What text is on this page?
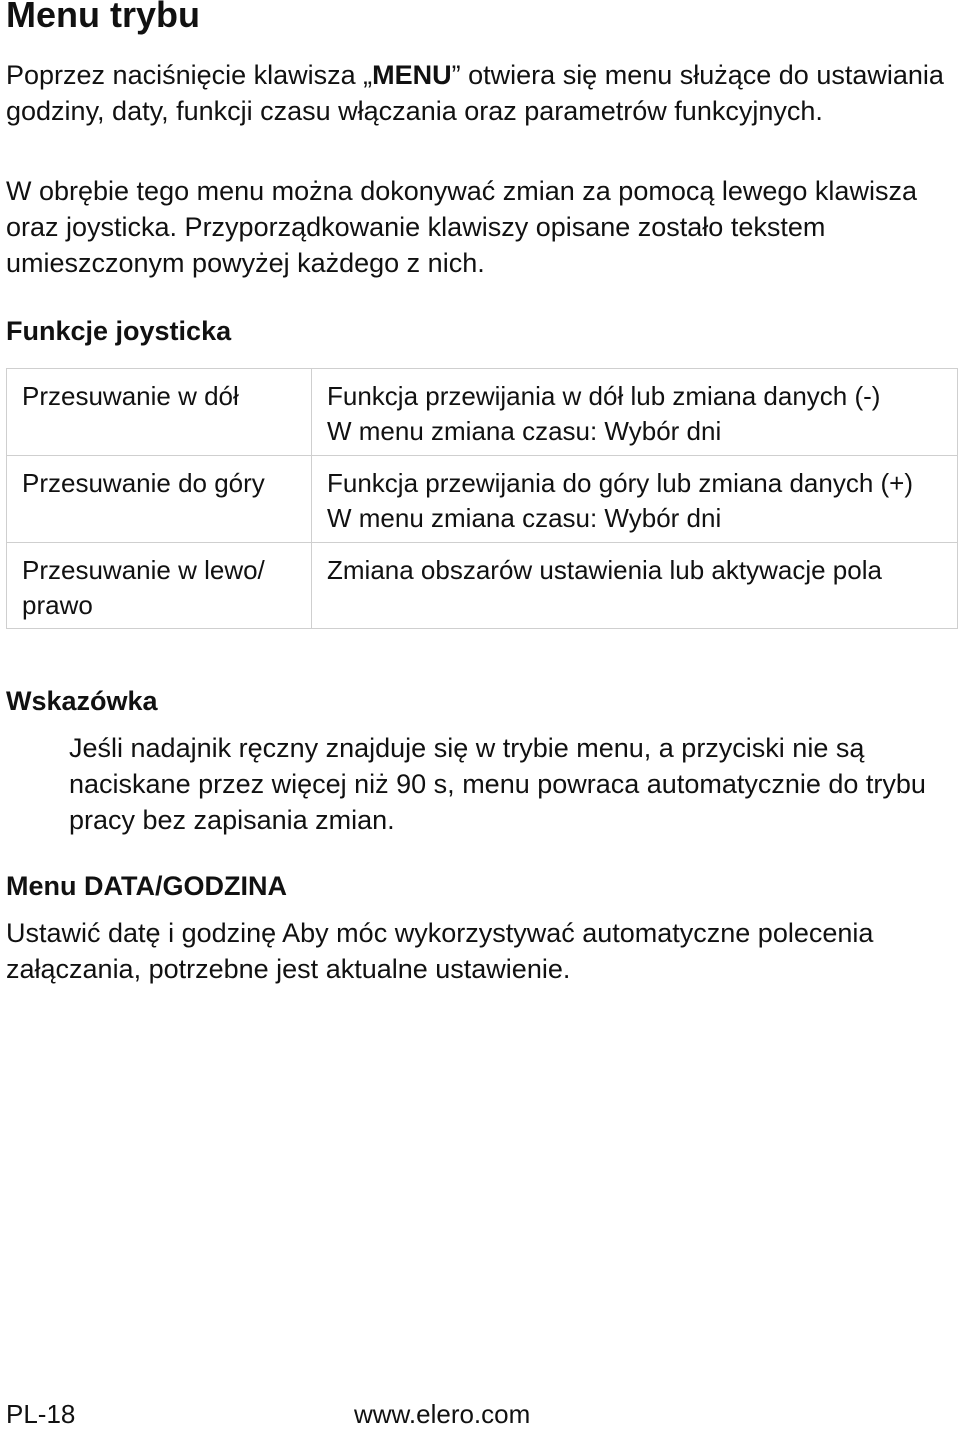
Menu trybu

Poprzez naciśnięcie klawisza „MENU” otwiera się menu służące do ustawiania godziny, daty, funkcji czasu włączania oraz parametrów funkcyjnych.

W obrębie tego menu można dokonywać zmian za pomocą lewego klawisza oraz joysticka. Przyporządkowanie klawiszy opisane zostało tekstem umieszczonym powyżej każdego z nich.

Funkcje joysticka
Przesuwanie w dół	Funkcja przewijania w dół lub zmiana danych (-)
W menu zmiana czasu: Wybór dni

Przesuwanie do góry	Funkcja przewijania do góry lub zmiana danych (+)
W menu zmiana czasu: Wybór dni

Przesuwanie w lewo/ prawo	Zmiana obszarów ustawienia lub aktywacje pola
Wskazówka

Jeśli nadajnik ręczny znajduje się w trybie menu, a przyciski nie są naciskane przez więcej niż 90 s, menu powraca automatycznie do trybu pracy bez zapisania zmian.

Menu DATA/GODZINA

Ustawić datę i godzinę Aby móc wykorzystywać automatyczne polecenia załączania, potrzebne jest aktualne ustawienie.

PL-18	www.elero.com
